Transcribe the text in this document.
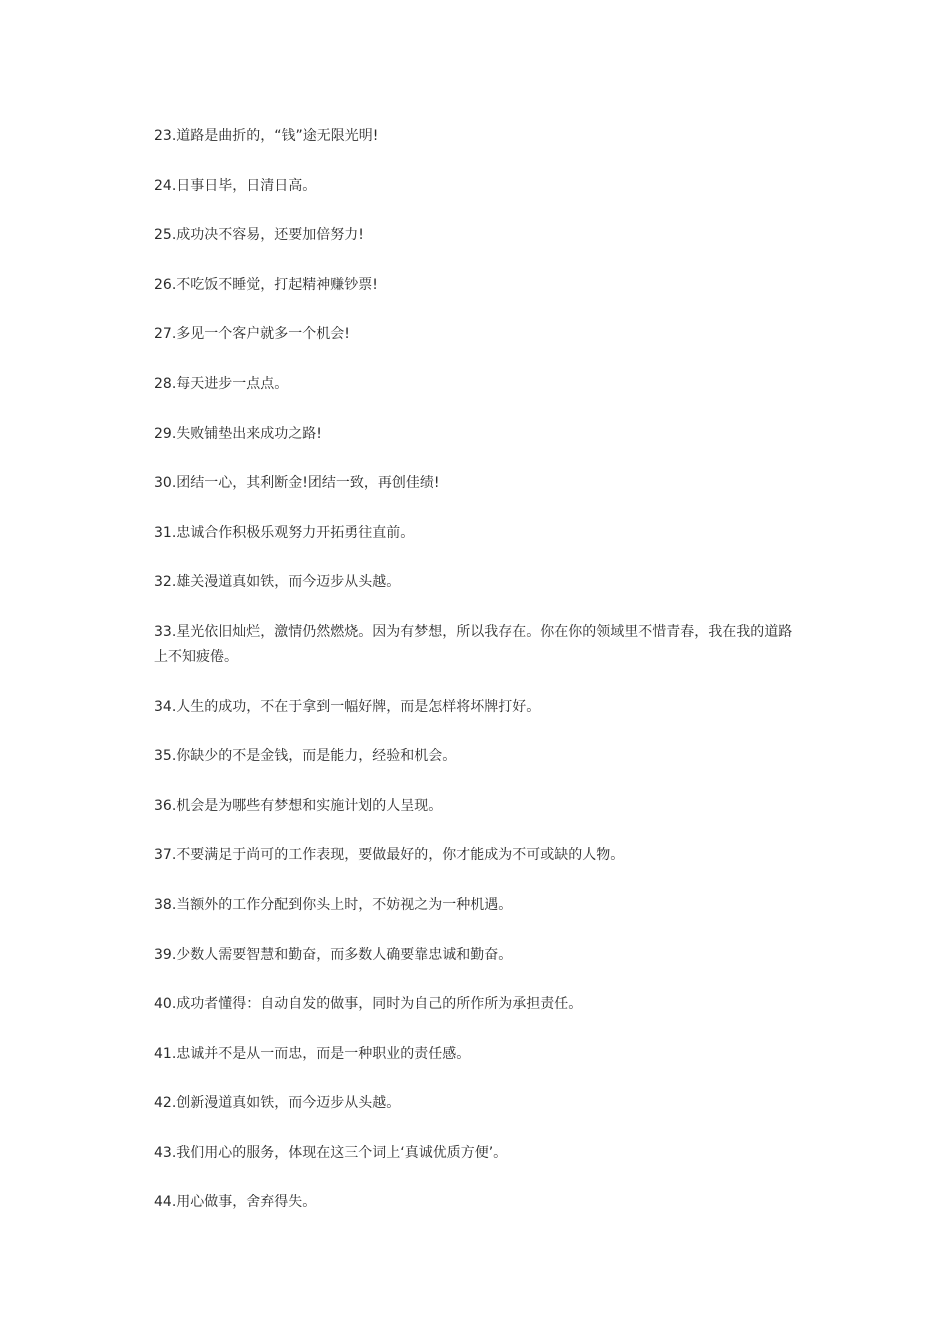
23.道路是曲折的，“钱”途无限光明!

24.日事日毕，日清日高。

25.成功决不容易，还要加倍努力!

26.不吃饭不睡觉，打起精神赚钞票!

27.多见一个客户就多一个机会!

28.每天进步一点点。

29.失败铺垫出来成功之路!

30.团结一心，其利断金!团结一致，再创佳绩!

31.忠诚合作积极乐观努力开拓勇往直前。

32.雄关漫道真如铁，而今迈步从头越。

33.星光依旧灿烂，激情仍然燃烧。因为有梦想，所以我存在。你在你的领域里不惜青春，我在我的道路上不知疲倦。

34.人生的成功，不在于拿到一幅好牌，而是怎样将坏牌打好。

35.你缺少的不是金钱，而是能力，经验和机会。

36.机会是为哪些有梦想和实施计划的人呈现。

37.不要满足于尚可的工作表现，要做最好的，你才能成为不可或缺的人物。

38.当额外的工作分配到你头上时，不妨视之为一种机遇。

39.少数人需要智慧和勤奋，而多数人确要靠忠诚和勤奋。

40.成功者懂得：自动自发的做事，同时为自己的所作所为承担责任。

41.忠诚并不是从一而忠，而是一种职业的责任感。

42.创新漫道真如铁，而今迈步从头越。

43.我们用心的服务，体现在这三个词上‘真诚优质方便’。

44.用心做事，舍弃得失。
